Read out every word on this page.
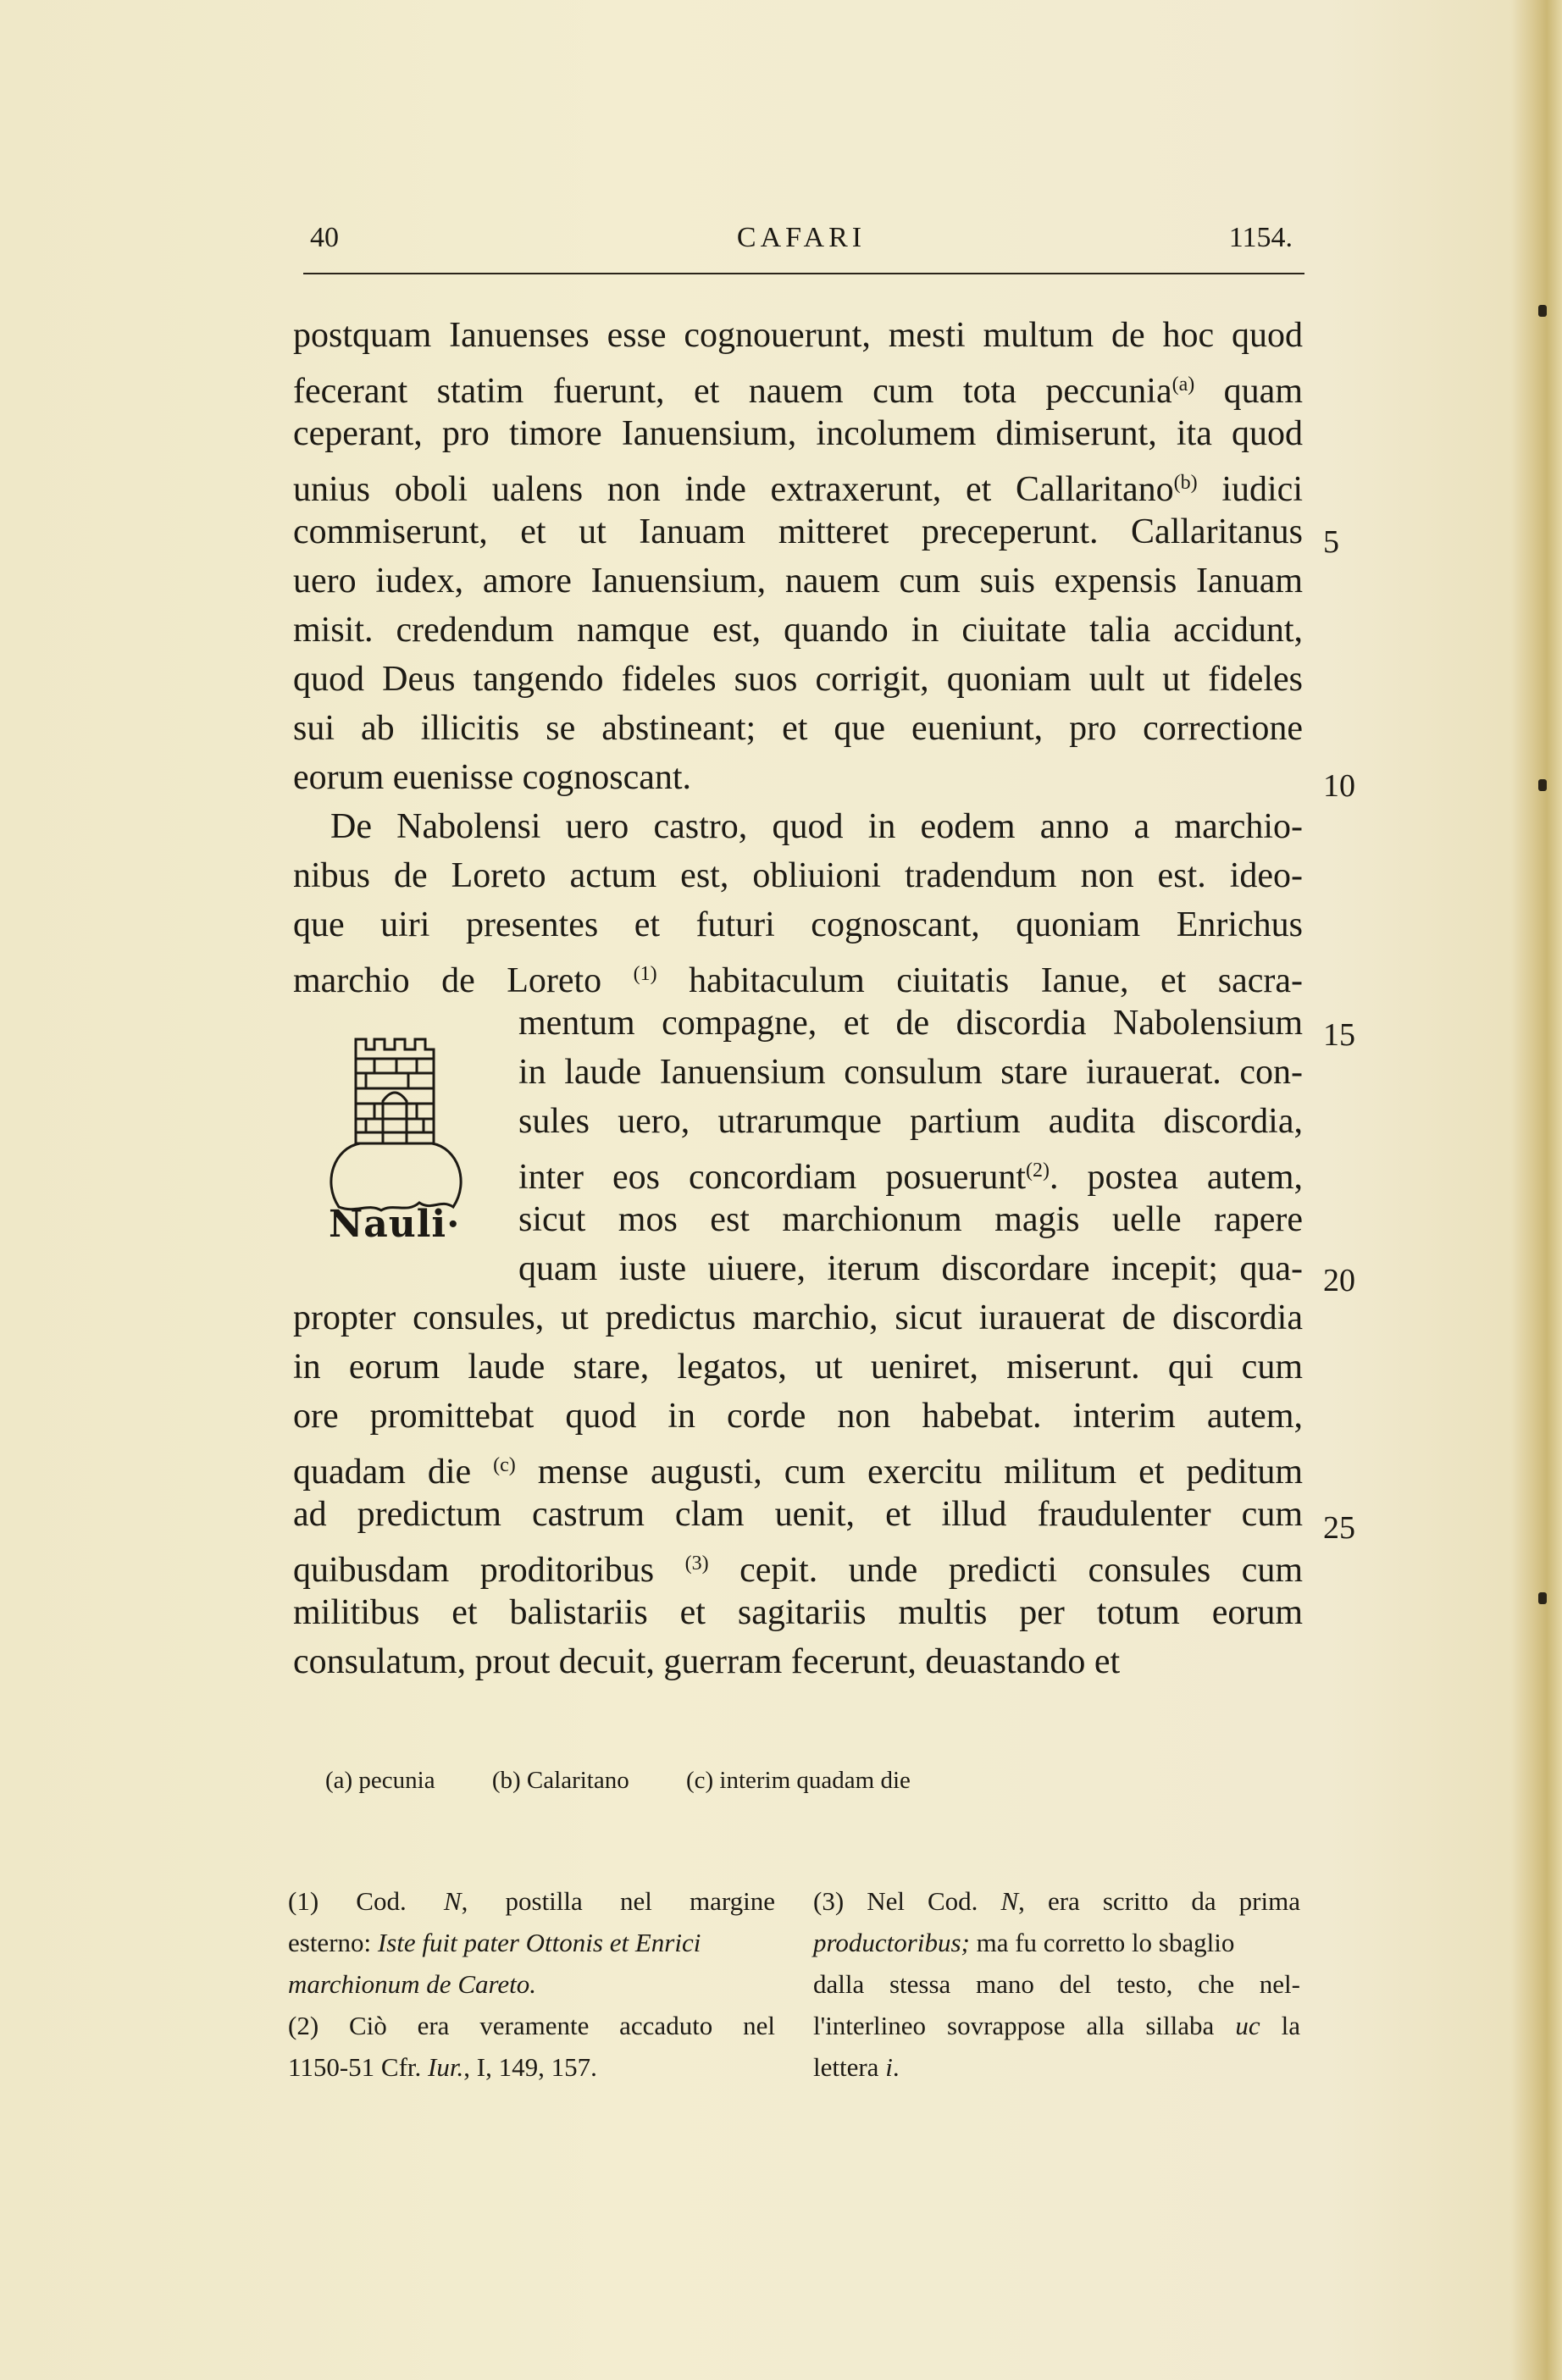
40	CAFARI	1154.
postquam Ianuenses esse cognouerunt, mesti multum de hoc quod
fecerant statim fuerunt, et nauem cum tota peccunia$^{(a)}$ quam
ceperant, pro timore Ianuensium, incolumem dimiserunt, ita quod
unius oboli ualens non inde extraxerunt, et Callaritano$^{(b)}$ iudici
commiserunt, et ut Ianuam mitteret preceperunt. Callaritanus
uero iudex, amore Ianuensium, nauem cum suis expensis Ianuam
misit. credendum namque est, quando in ciuitate talia accidunt,
quod Deus tangendo fideles suos corrigit, quoniam uult ut fideles
sui ab illicitis se abstineant; et que eueniunt, pro correctione
eorum euenisse cognoscant.
De Nabolensi uero castro, quod in eodem anno a marchio-
nibus de Loreto actum est, obliuioni tradendum non est. ideo-
que uiri presentes et futuri cognoscant, quoniam Enrichus
marchio de Loreto $^{(1)}$ habitaculum ciuitatis Ianue, et sacra-
mentum compagne, et de discordia Nabolensium
in laude Ianuensium consulum stare iurauerat. con-
sules uero, utrarumque partium audita discordia,
inter eos concordiam posuerunt$^{(2)}$. postea autem,
sicut mos est marchionum magis uelle rapere
quam iuste uiuere, iterum discordare incepit; qua-
propter consules, ut predictus marchio, sicut iurauerat de discordia
in eorum laude stare, legatos, ut ueniret, miserunt. qui cum
ore promittebat quod in corde non habebat. interim autem,
quadam die $^{(c)}$ mense augusti, cum exercitu militum et peditum
ad predictum castrum clam uenit, et illud fraudulenter cum
quibusdam proditoribus $^{(3)}$ cepit. unde predicti consules cum
militibus et balistariis et sagitariis multis per totum eorum
consulatum, prout decuit, guerram fecerunt, deuastando et
5
10
15
20
25
Nauli·
(a) pecunia (b) Calaritano (c) interim quadam die
(1) Cod. N, postilla nel margine
esterno: Iste fuit pater Ottonis et Enrici
marchionum de Careto.
(2) Ciò era veramente accaduto nel
1150-51 Cfr. Iur., I, 149, 157.
(3) Nel Cod. N, era scritto da prima
productoribus; ma fu corretto lo sbaglio
dalla stessa mano del testo, che nel-
l'interlineo sovrappose alla sillaba uc la
lettera i.
